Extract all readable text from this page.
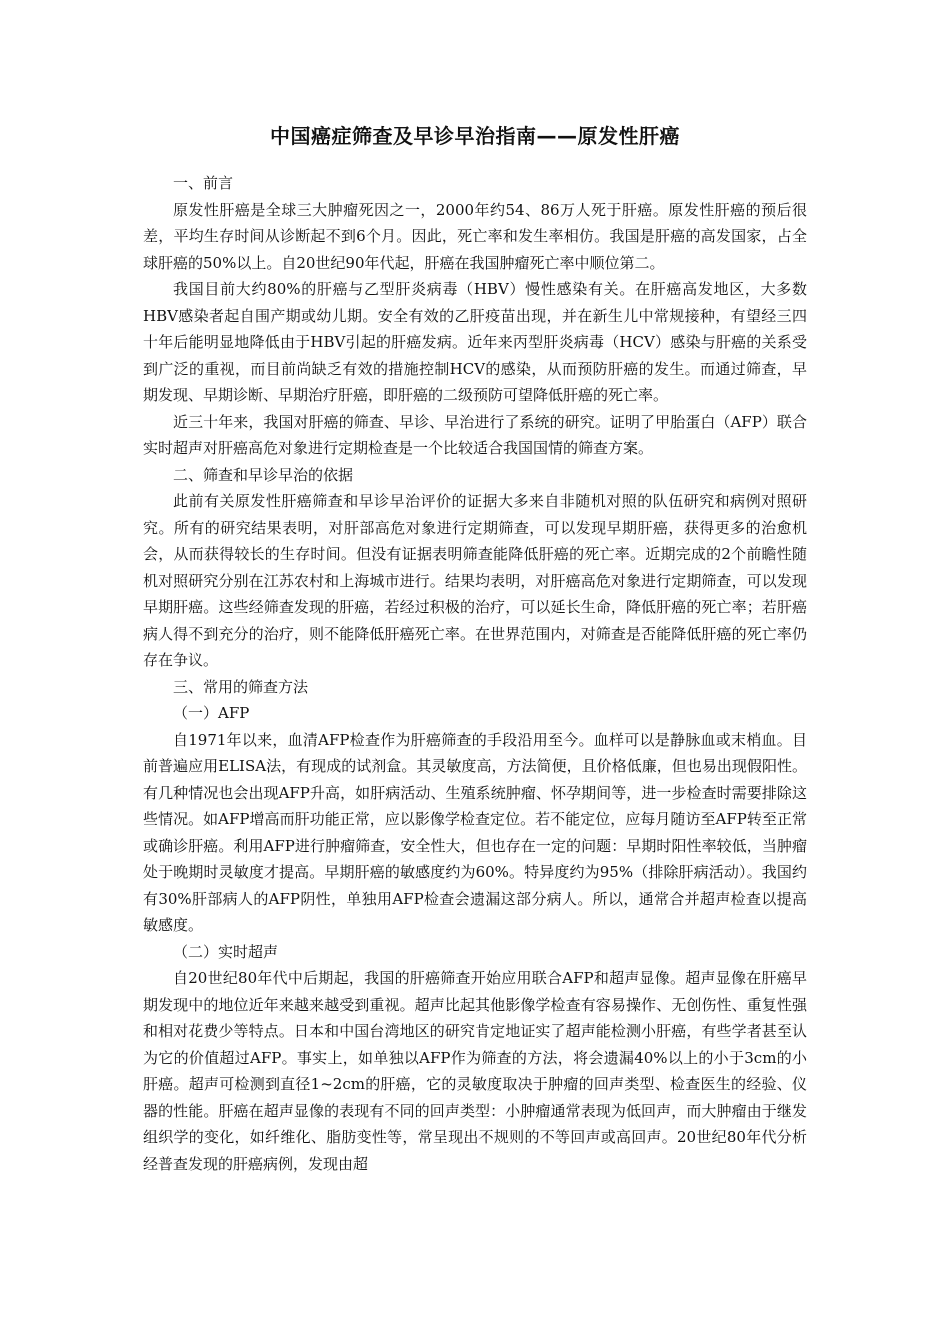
中国癌症筛查及早诊早治指南——原发性肝癌

一、前言

原发性肝癌是全球三大肿瘤死因之一，2000年约54、86万人死于肝癌。原发性肝癌的预后很差，平均生存时间从诊断起不到6个月。因此，死亡率和发生率相仿。我国是肝癌的高发国家，占全球肝癌的50%以上。自20世纪90年代起，肝癌在我国肿瘤死亡率中顺位第二。

我国目前大约80%的肝癌与乙型肝炎病毒（HBV）慢性感染有关。在肝癌高发地区，大多数HBV感染者起自围产期或幼儿期。安全有效的乙肝疫苗出现，并在新生儿中常规接种，有望经三四十年后能明显地降低由于HBV引起的肝癌发病。近年来丙型肝炎病毒（HCV）感染与肝癌的关系受到广泛的重视，而目前尚缺乏有效的措施控制HCV的感染，从而预防肝癌的发生。而通过筛查，早期发现、早期诊断、早期治疗肝癌，即肝癌的二级预防可望降低肝癌的死亡率。

近三十年来，我国对肝癌的筛查、早诊、早治进行了系统的研究。证明了甲胎蛋白（AFP）联合实时超声对肝癌高危对象进行定期检查是一个比较适合我国国情的筛查方案。

二、筛查和早诊早治的依据

此前有关原发性肝癌筛查和早诊早治评价的证据大多来自非随机对照的队伍研究和病例对照研究。所有的研究结果表明，对肝部高危对象进行定期筛查，可以发现早期肝癌，获得更多的治愈机会，从而获得较长的生存时间。但没有证据表明筛查能降低肝癌的死亡率。近期完成的2个前瞻性随机对照研究分别在江苏农村和上海城市进行。结果均表明，对肝癌高危对象进行定期筛查，可以发现早期肝癌。这些经筛查发现的肝癌，若经过积极的治疗，可以延长生命，降低肝癌的死亡率；若肝癌病人得不到充分的治疗，则不能降低肝癌死亡率。在世界范围内，对筛查是否能降低肝癌的死亡率仍存在争议。

三、常用的筛查方法

（一）AFP

自1971年以来，血清AFP检查作为肝癌筛查的手段沿用至今。血样可以是静脉血或末梢血。目前普遍应用ELISA法，有现成的试剂盒。其灵敏度高，方法简便，且价格低廉，但也易出现假阳性。有几种情况也会出现AFP升高，如肝病活动、生殖系统肿瘤、怀孕期间等，进一步检查时需要排除这些情况。如AFP增高而肝功能正常，应以影像学检查定位。若不能定位，应每月随访至AFP转至正常或确诊肝癌。利用AFP进行肿瘤筛查，安全性大，但也存在一定的问题：早期时阳性率较低，当肿瘤处于晚期时灵敏度才提高。早期肝癌的敏感度约为60%。特异度约为95%（排除肝病活动）。我国约有30%肝部病人的AFP阴性，单独用AFP检查会遗漏这部分病人。所以，通常合并超声检查以提高敏感度。

（二）实时超声

自20世纪80年代中后期起，我国的肝癌筛查开始应用联合AFP和超声显像。超声显像在肝癌早期发现中的地位近年来越来越受到重视。超声比起其他影像学检查有容易操作、无创伤性、重复性强和相对花费少等特点。日本和中国台湾地区的研究肯定地证实了超声能检测小肝癌，有些学者甚至认为它的价值超过AFP。事实上，如单独以AFP作为筛查的方法，将会遗漏40%以上的小于3cm的小肝癌。超声可检测到直径1~2cm的肝癌，它的灵敏度取决于肿瘤的回声类型、检查医生的经验、仪器的性能。肝癌在超声显像的表现有不同的回声类型：小肿瘤通常表现为低回声，而大肿瘤由于继发组织学的变化，如纤维化、脂肪变性等，常呈现出不规则的不等回声或高回声。20世纪80年代分析经普查发现的肝癌病例，发现由超
